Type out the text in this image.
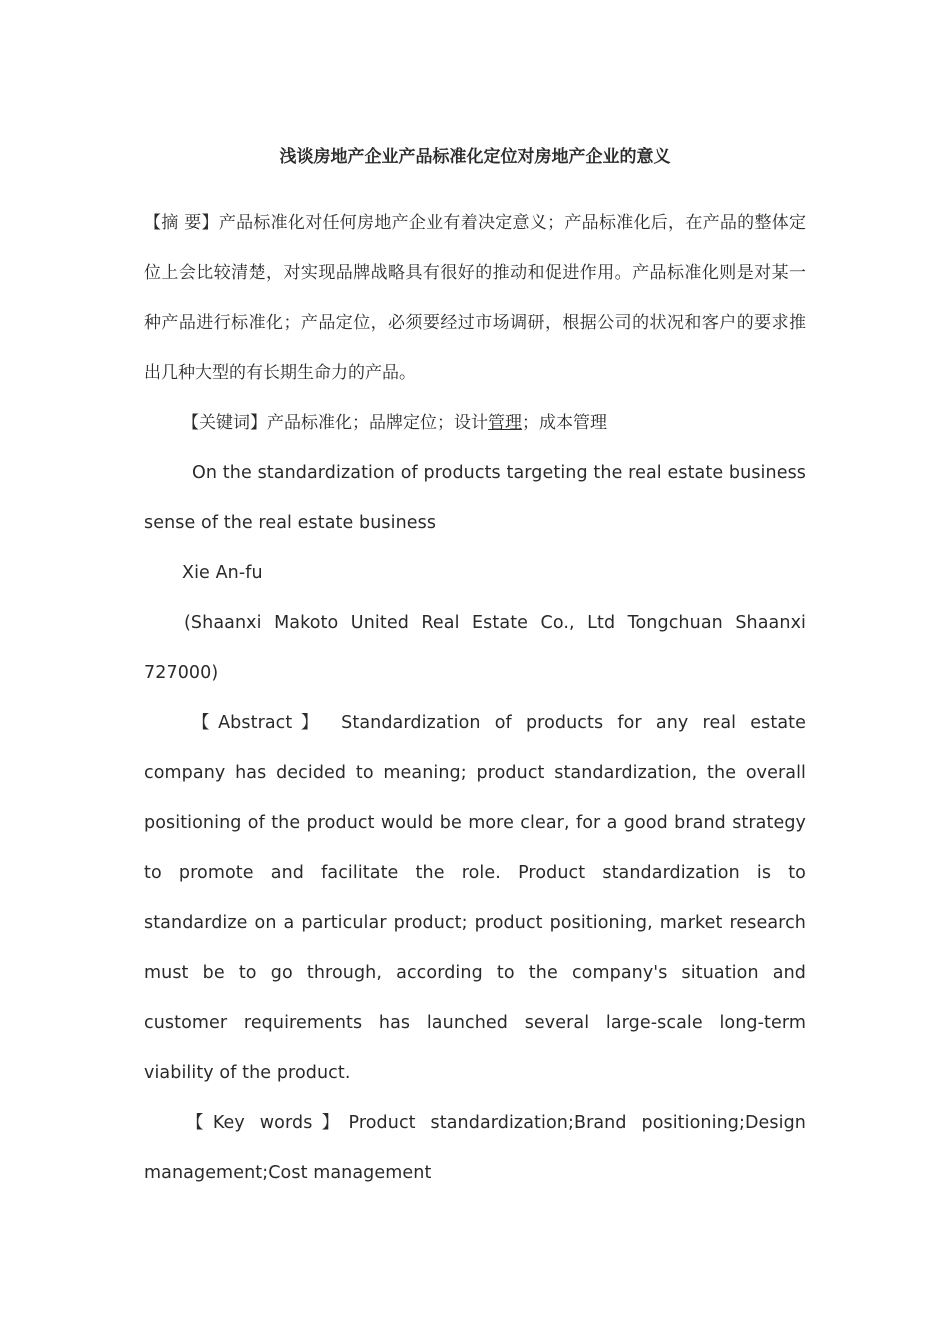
浅谈房地产企业产品标准化定位对房地产企业的意义

【摘 要】产品标准化对任何房地产企业有着决定意义；产品标准化后，在产品的整体定位上会比较清楚，对实现品牌战略具有很好的推动和促进作用。产品标准化则是对某一种产品进行标准化；产品定位，必须要经过市场调研，根据公司的状况和客户的要求推出几种大型的有长期生命力的产品。

【关键词】产品标准化；品牌定位；设计管理；成本管理

On the standardization of products targeting the real estate business sense of the real estate business

Xie An-fu

(Shaanxi Makoto United Real Estate Co., Ltd Tongchuan Shaanxi 727000)

【Abstract】 Standardization of products for any real estate company has decided to meaning; product standardization, the overall positioning of the product would be more clear, for a good brand strategy to promote and facilitate the role. Product standardization is to standardize on a particular product; product positioning, market research must be to go through, according to the company's situation and customer requirements has launched several large-scale long-term viability of the product.

【Key words】Product standardization;Brand positioning;Design management;Cost management
